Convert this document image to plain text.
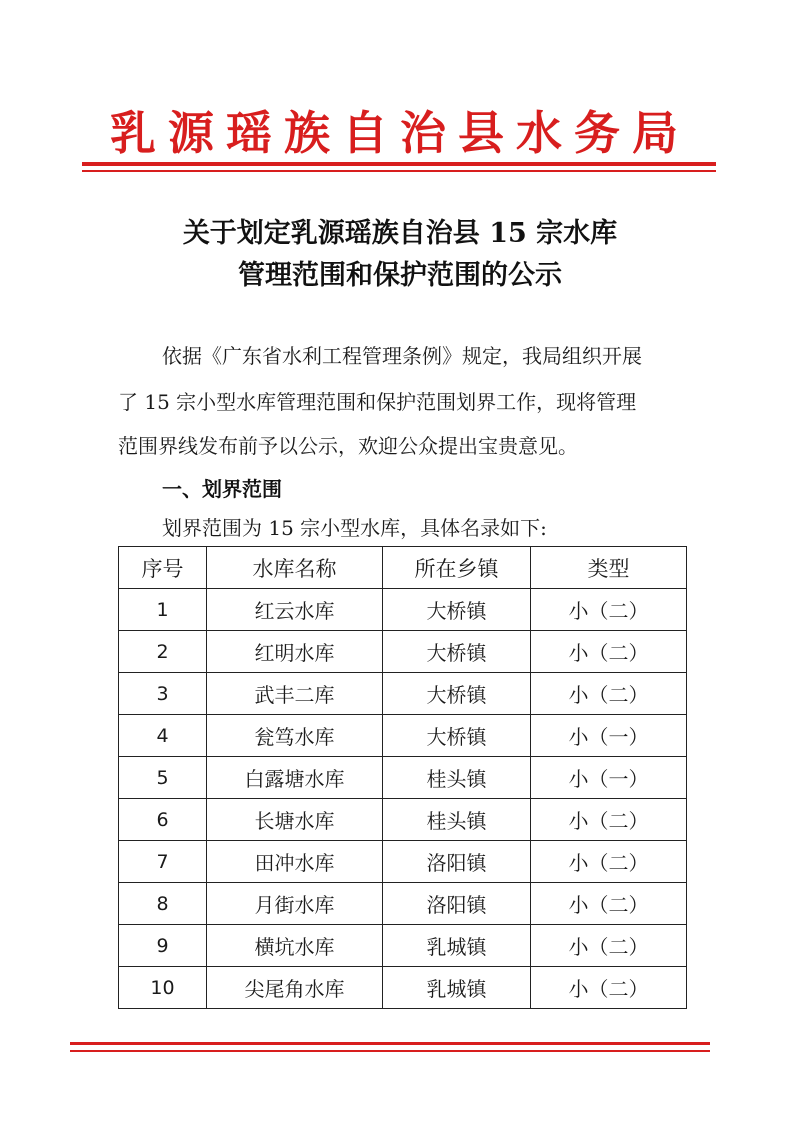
乳源瑶族自治县水务局
关于划定乳源瑶族自治县 15 宗水库
管理范围和保护范围的公示
依据《广东省水利工程管理条例》规定，我局组织开展
了 15 宗小型水库管理范围和保护范围划界工作，现将管理
范围界线发布前予以公示，欢迎公众提出宝贵意见。
一、划界范围
划界范围为 15 宗小型水库，具体名录如下:
序号	水库名称	所在乡镇	类型
1	红云水库	大桥镇	小（二）
2	红明水库	大桥镇	小（二）
3	武丰二库	大桥镇	小（二）
4	瓮笃水库	大桥镇	小（一）
5	白露塘水库	桂头镇	小（一）
6	长塘水库	桂头镇	小（二）
7	田冲水库	洛阳镇	小（二）
8	月街水库	洛阳镇	小（二）
9	横坑水库	乳城镇	小（二）
10	尖尾角水库	乳城镇	小（二）
